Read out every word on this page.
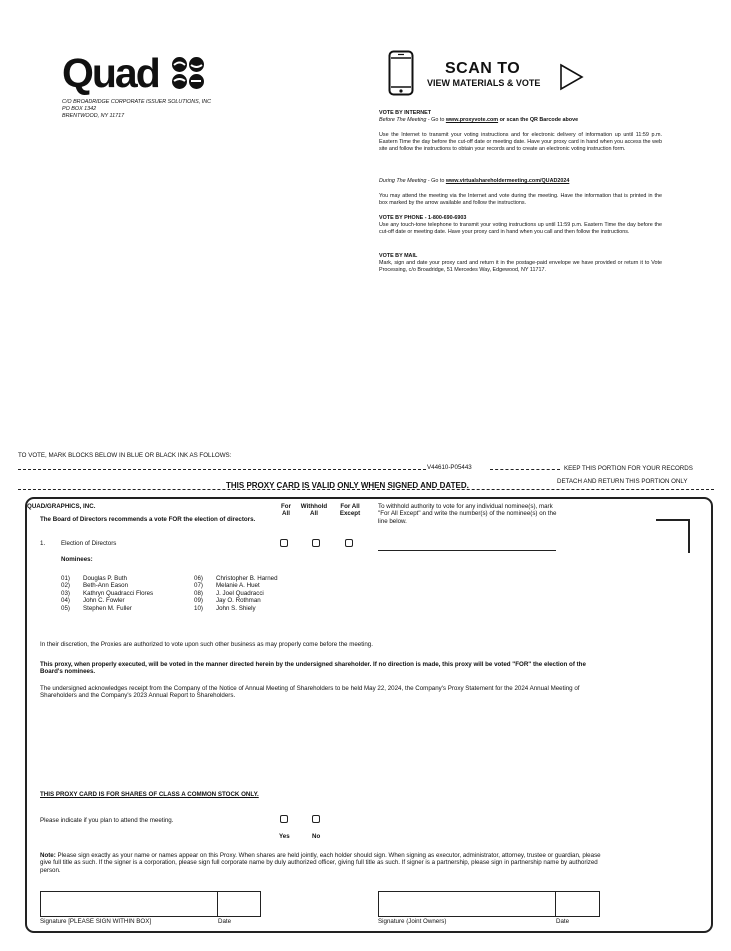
Quad
C/O BROADRIDGE CORPORATE ISSUER SOLUTIONS, INC
PO BOX 1342
BRENTWOOD, NY 11717
SCAN TO
VIEW MATERIALS & VOTE
VOTE BY INTERNET
Before The Meeting - Go to www.proxyvote.com or scan the QR Barcode above
Use the Internet to transmit your voting instructions and for electronic delivery of information up until 11:59 p.m. Eastern Time the day before the cut-off date or meeting date. Have your proxy card in hand when you access the web site and follow the instructions to obtain your records and to create an electronic voting instruction form.
During The Meeting - Go to www.virtualshareholdermeeting.com/QUAD2024
You may attend the meeting via the Internet and vote during the meeting. Have the information that is printed in the box marked by the arrow available and follow the instructions.
VOTE BY PHONE - 1-800-690-6903
Use any touch-tone telephone to transmit your voting instructions up until 11:59 p.m. Eastern Time the day before the cut-off date or meeting date. Have your proxy card in hand when you call and then follow the instructions.
VOTE BY MAIL
Mark, sign and date your proxy card and return it in the postage-paid envelope we have provided or return it to Vote Processing, c/o Broadridge, 51 Mercedes Way, Edgewood, NY 11717.
TO VOTE, MARK BLOCKS BELOW IN BLUE OR BLACK INK AS FOLLOWS:
V44610-P05443	KEEP THIS PORTION FOR YOUR RECORDS
THIS PROXY CARD IS VALID ONLY WHEN SIGNED AND DATED.	DETACH AND RETURN THIS PORTION ONLY
QUAD/GRAPHICS, INC.
The Board of Directors recommends a vote FOR the election of directors.
For
All
Withhold
All
For All
Except
To withhold authority to vote for any individual nominee(s), mark "For All Except" and write the number(s) of the nominee(s) on the line below.
1.	Election of Directors
Nominees:
01) Douglas P. Buth
02) Beth-Ann Eason
03) Kathryn Quadracci Flores
04) John C. Fowler
05) Stephen M. Fuller
06) Christopher B. Harned
07) Melanie A. Huet
08) J. Joel Quadracci
09) Jay O. Rothman
10) John S. Shiely
In their discretion, the Proxies are authorized to vote upon such other business as may properly come before the meeting.
This proxy, when properly executed, will be voted in the manner directed herein by the undersigned shareholder. If no direction is made, this proxy will be voted "FOR" the election of the Board's nominees.
The undersigned acknowledges receipt from the Company of the Notice of Annual Meeting of Shareholders to be held May 22, 2024, the Company's Proxy Statement for the 2024 Annual Meeting of Shareholders and the Company's 2023 Annual Report to Shareholders.
THIS PROXY CARD IS FOR SHARES OF CLASS A COMMON STOCK ONLY.
Please indicate if you plan to attend the meeting.
Yes	No
Note: Please sign exactly as your name or names appear on this Proxy. When shares are held jointly, each holder should sign. When signing as executor, administrator, attorney, trustee or guardian, please give full title as such. If the signer is a corporation, please sign full corporate name by duly authorized officer, giving full title as such. If signer is a partnership, please sign in partnership name by authorized person.
Signature [PLEASE SIGN WITHIN BOX]	Date	Signature (Joint Owners)	Date
